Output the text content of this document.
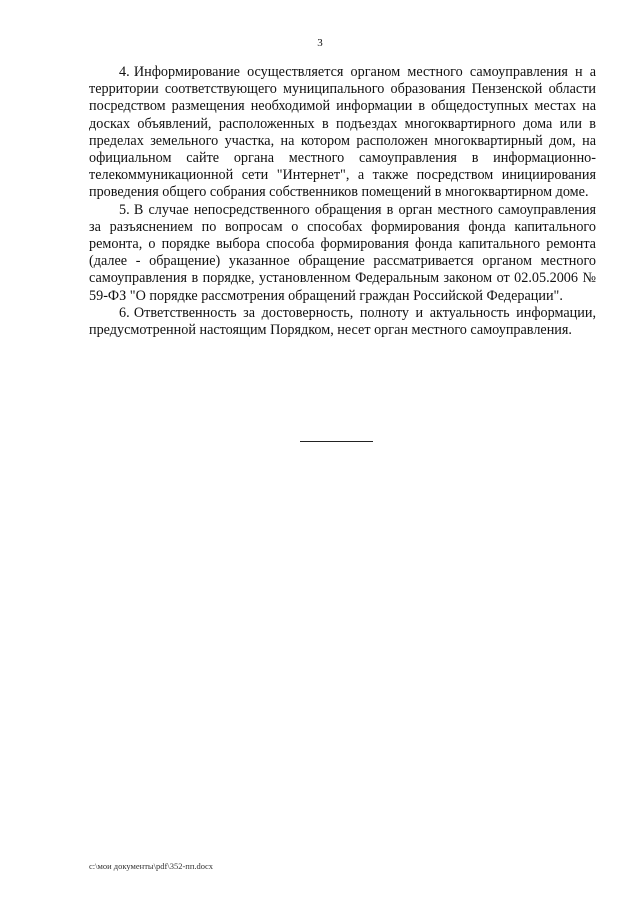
3

4. Информирование осуществляется органом местного самоуправления н а территории соответствующего муниципального образования Пензенской области посредством размещения необходимой информации в общедоступных местах на досках объявлений, расположенных в подъездах многоквартирного дома или в пределах земельного участка, на котором расположен многоквартирный дом, на официальном сайте органа местного самоуправления в информационно-телекоммуникационной сети "Интернет", а также посредством инициирования проведения общего собрания собственников помещений в многоквартирном доме.

5. В случае непосредственного обращения в орган местного самоуправления за разъяснением по вопросам о способах формирования фонда капитального ремонта, о порядке выбора способа формирования фонда капитального ремонта (далее - обращение) указанное обращение рассматривается органом местного самоуправления в порядке, установленном Федеральным законом от 02.05.2006 № 59-ФЗ "О порядке рассмотрения обращений граждан Российской Федерации".

6. Ответственность за достоверность, полноту и актуальность информации, предусмотренной настоящим Порядком, несет орган местного самоуправления.

c:\мои документы\pdf\352-пп.docx
